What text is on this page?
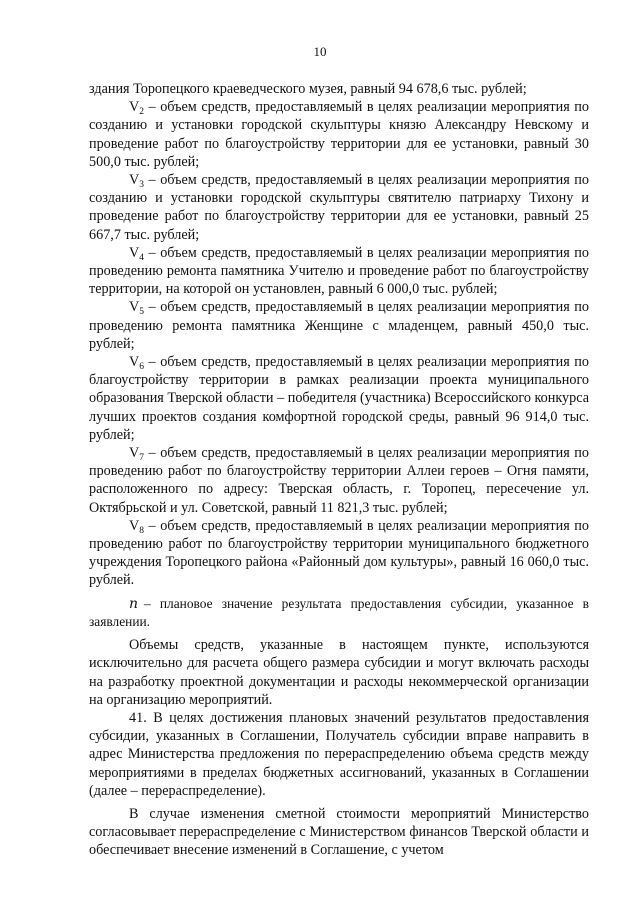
10

здания Торопецкого краеведческого музея, равный 94 678,6 тыс. рублей;

$V_2$ – объем средств, предоставляемый в целях реализации мероприятия по созданию и установки городской скульптуры князю Александру Невскому и проведение работ по благоустройству территории для ее установки, равный 30 500,0 тыс. рублей;

$V_3$ – объем средств, предоставляемый в целях реализации мероприятия по созданию и установки городской скульптуры святителю патриарху Тихону и проведение работ по благоустройству территории для ее установки, равный 25 667,7 тыс. рублей;

$V_4$ – объем средств, предоставляемый в целях реализации мероприятия по проведению ремонта памятника Учителю и проведение работ по благоустройству территории, на которой он установлен, равный 6 000,0 тыс. рублей;

$V_5$ – объем средств, предоставляемый в целях реализации мероприятия по проведению ремонта памятника Женщине с младенцем, равный 450,0 тыс. рублей;

$V_6$ – объем средств, предоставляемый в целях реализации мероприятия по благоустройству территории в рамках реализации проекта муниципального образования Тверской области – победителя (участника) Всероссийского конкурса лучших проектов создания комфортной городской среды, равный 96 914,0 тыс. рублей;

$V_7$ – объем средств, предоставляемый в целях реализации мероприятия по проведению работ по благоустройству территории Аллеи героев – Огня памяти, расположенного по адресу: Тверская область, г. Торопец, пересечение ул. Октябрьской и ул. Советской, равный 11 821,3 тыс. рублей;

$V_8$ – объем средств, предоставляемый в целях реализации мероприятия по проведению работ по благоустройству территории муниципального бюджетного учреждения Торопецкого района «Районный дом культуры», равный 16 060,0 тыс. рублей.

n – плановое значение результата предоставления субсидии, указанное в заявлении.

Объемы средств, указанные в настоящем пункте, используются исключительно для расчета общего размера субсидии и могут включать расходы на разработку проектной документации и расходы некоммерческой организации на организацию мероприятий.

41. В целях достижения плановых значений результатов предоставления субсидии, указанных в Соглашении, Получатель субсидии вправе направить в адрес Министерства предложения по перераспределению объема средств между мероприятиями в пределах бюджетных ассигнований, указанных в Соглашении (далее – перераспределение).

В случае изменения сметной стоимости мероприятий Министерство согласовывает перераспределение с Министерством финансов Тверской области и обеспечивает внесение изменений в Соглашение, с учетом
